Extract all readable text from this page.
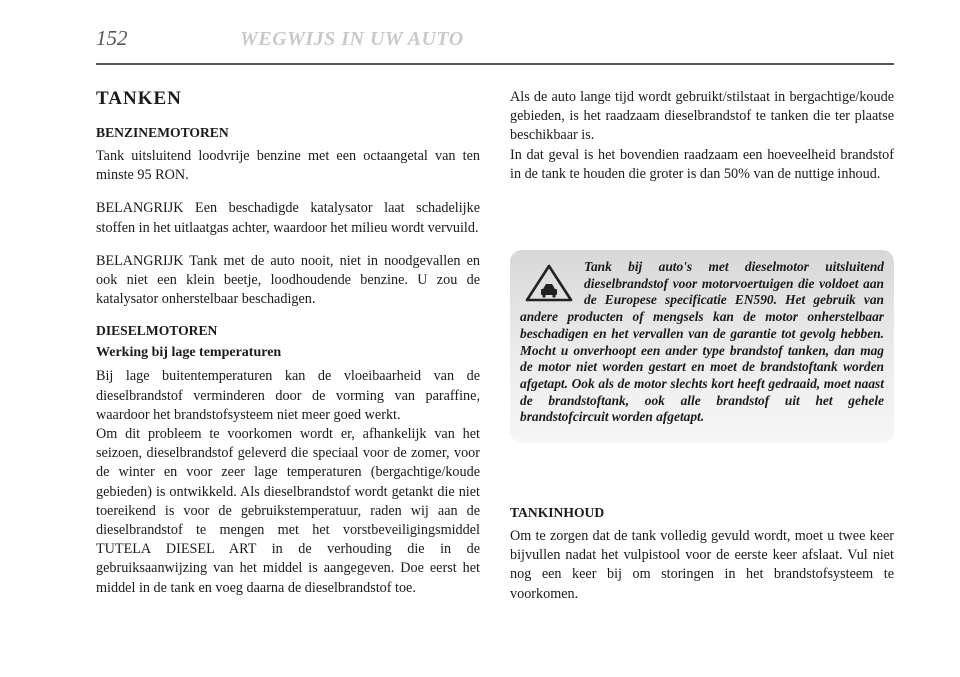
152	WEGWIJS IN UW AUTO
TANKEN
BENZINEMOTOREN

Tank uitsluitend loodvrije benzine met een octaangetal van ten minste 95 RON.

BELANGRIJK Een beschadigde katalysator laat schadelijke stoffen in het uitlaatgas achter, waardoor het milieu wordt vervuild.

BELANGRIJK Tank met de auto nooit, niet in noodgevallen en ook niet een klein beetje, loodhoudende benzine. U zou de katalysator onherstelbaar beschadigen.

DIESELMOTOREN
Werking bij lage temperaturen

Bij lage buitentemperaturen kan de vloeibaarheid van de dieselbrandstof verminderen door de vorming van paraffine, waardoor het brandstofsysteem niet meer goed werkt.

Om dit probleem te voorkomen wordt er, afhankelijk van het seizoen, dieselbrandstof geleverd die speciaal voor de zomer, voor de winter en voor zeer lage temperaturen (bergachtige/koude gebieden) is ontwikkeld. Als dieselbrandstof wordt getankt die niet toereikend is voor de gebruikstemperatuur, raden wij aan de dieselbrandstof te mengen met het vorstbeveiligingsmiddel TUTELA DIESEL ART in de verhouding die in de gebruiksaanwijzing van het middel is aangegeven. Doe eerst het middel in de tank en voeg daarna de dieselbrandstof toe.

Als de auto lange tijd wordt gebruikt/stilstaat in bergachtige/koude gebieden, is het raadzaam dieselbrandstof te tanken die ter plaatse beschikbaar is.

In dat geval is het bovendien raadzaam een hoeveelheid brandstof in de tank te houden die groter is dan 50% van de nuttige inhoud.

Tank bij auto's met dieselmotor uitsluitend dieselbrandstof voor motorvoertuigen die voldoet aan de Europese specificatie EN590. Het gebruik van andere producten of mengsels kan de motor onherstelbaar beschadigen en het vervallen van de garantie tot gevolg hebben. Mocht u onverhoopt een ander type brandstof tanken, dan mag de motor niet worden gestart en moet de brandstoftank worden afgetapt. Ook als de motor slechts kort heeft gedraaid, moet naast de brandstoftank, ook alle brandstof uit het gehele brandstofcircuit worden afgetapt.

TANKINHOUD

Om te zorgen dat de tank volledig gevuld wordt, moet u twee keer bijvullen nadat het vulpistool voor de eerste keer afslaat. Vul niet nog een keer bij om storingen in het brandstofsysteem te voorkomen.
